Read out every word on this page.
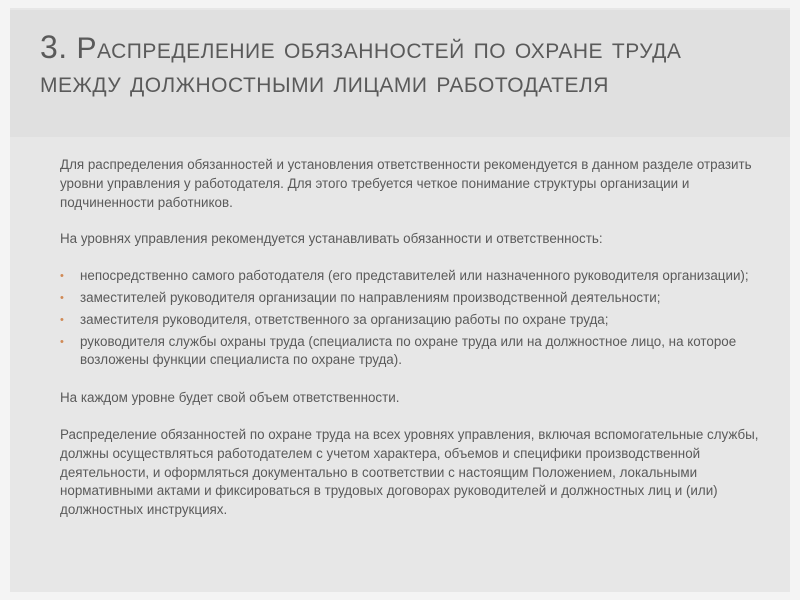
3. Распределение обязанностей по охране труда между должностными лицами работодателя

Для распределения обязанностей и установления ответственности рекомендуется в данном разделе отразить уровни управления у работодателя. Для этого требуется четкое понимание структуры организации и подчиненности работников.

На уровнях управления рекомендуется устанавливать обязанности и ответственность:

• непосредственно самого работодателя (его представителей или назначенного руководителя организации);
• заместителей руководителя организации по направлениям производственной деятельности;
• заместителя руководителя, ответственного за организацию работы по охране труда;
• руководителя службы охраны труда (специалиста по охране труда или на должностное лицо, на которое возложены функции специалиста по охране труда).

На каждом уровне будет свой объем ответственности.

Распределение обязанностей по охране труда на всех уровнях управления, включая вспомогательные службы, должны осуществляться работодателем с учетом характера, объемов и специфики производственной деятельности, и оформляться документально в соответствии с настоящим Положением, локальными нормативными актами и фиксироваться в трудовых договорах руководителей и должностных лиц и (или) должностных инструкциях.
